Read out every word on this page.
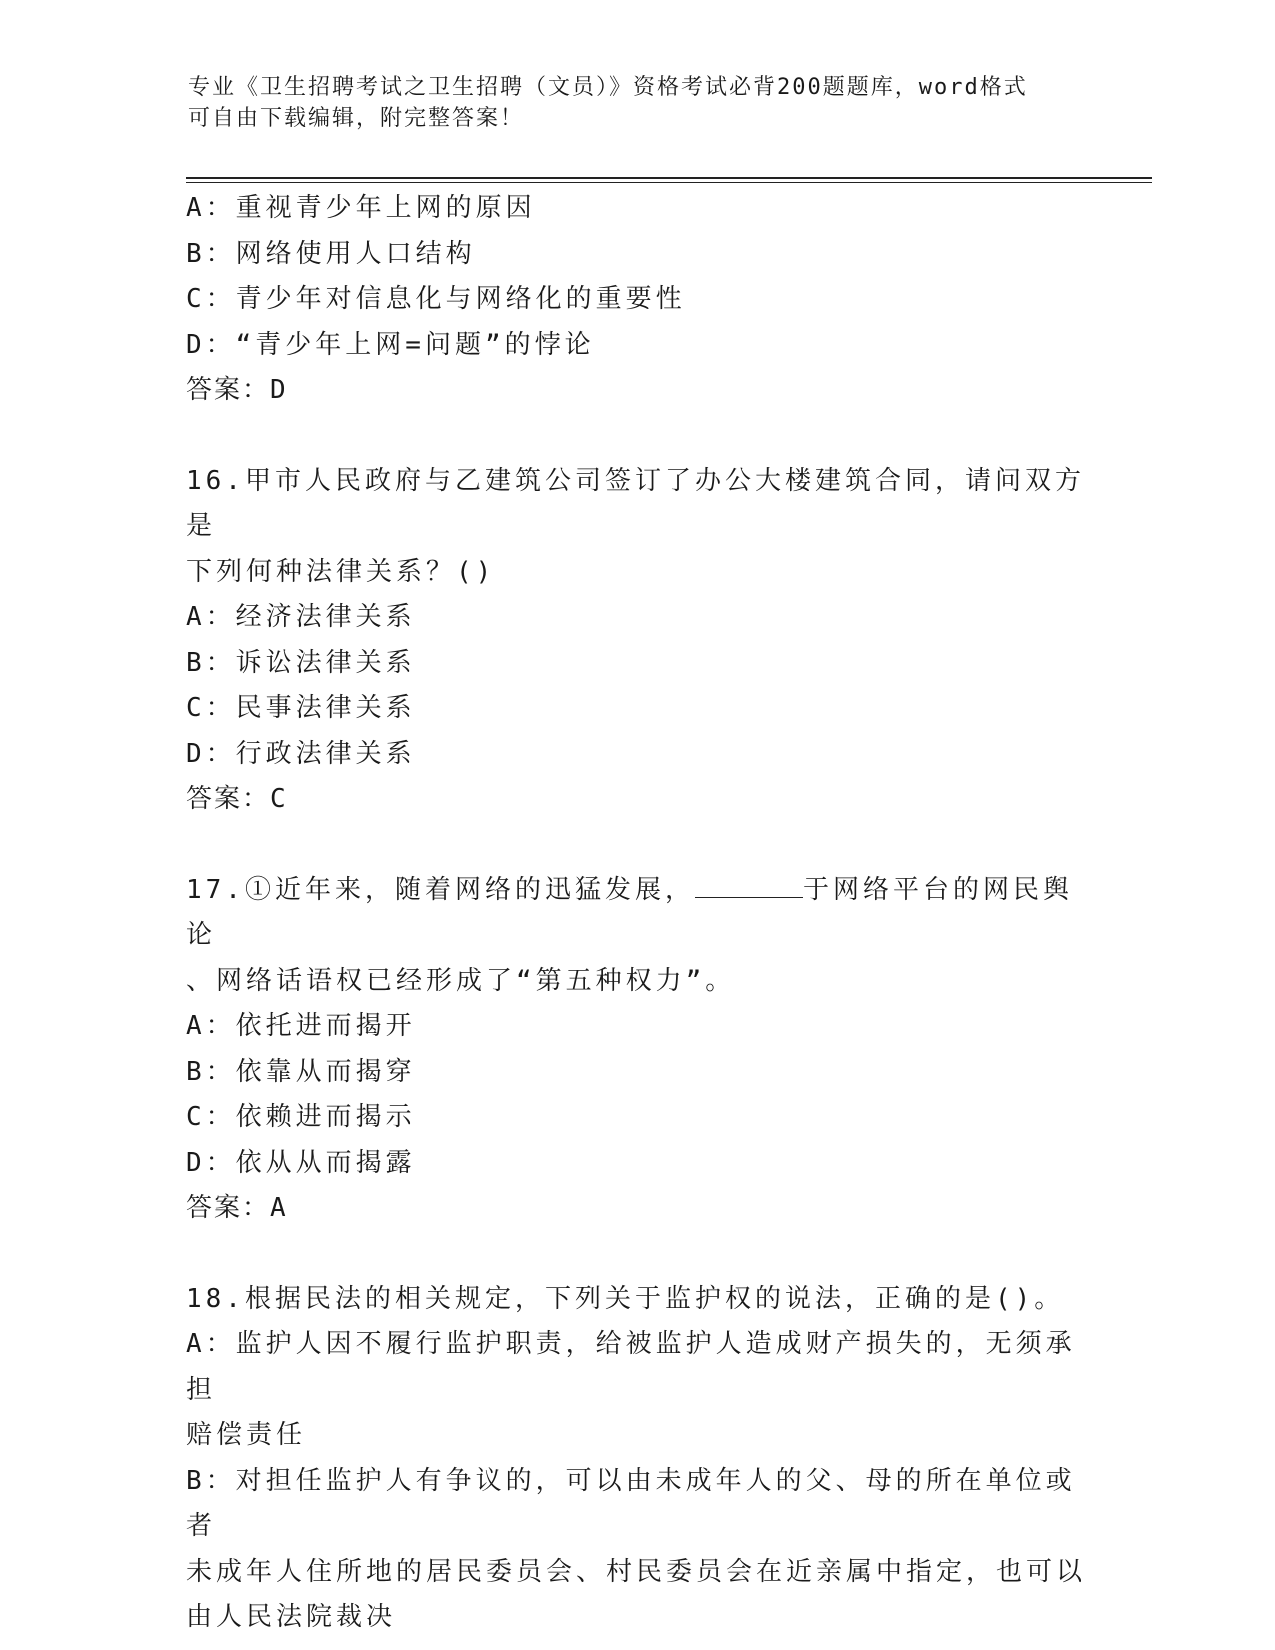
专业《卫生招聘考试之卫生招聘（文员）》资格考试必背200题题库，word格式
可自由下载编辑，附完整答案！
A：重视青少年上网的原因
B：网络使用人口结构
C：青少年对信息化与网络化的重要性
D：“青少年上网=问题”的悖论
答案：D
16.甲市人民政府与乙建筑公司签订了办公大楼建筑合同，请问双方是
下列何种法律关系？()
A：经济法律关系
B：诉讼法律关系
C：民事法律关系
D：行政法律关系
答案：C
17.①近年来，随着网络的迅猛发展，	于网络平台的网民舆论
、网络话语权已经形成了“第五种权力”。
A：依托进而揭开
B：依靠从而揭穿
C：依赖进而揭示
D：依从从而揭露
答案：A
18.根据民法的相关规定，下列关于监护权的说法，正确的是()。
A：监护人因不履行监护职责，给被监护人造成财产损失的，无须承担
赔偿责任
B：对担任监护人有争议的，可以由未成年人的父、母的所在单位或者
未成年人住所地的居民委员会、村民委员会在近亲属中指定，也可以
由人民法院裁决
